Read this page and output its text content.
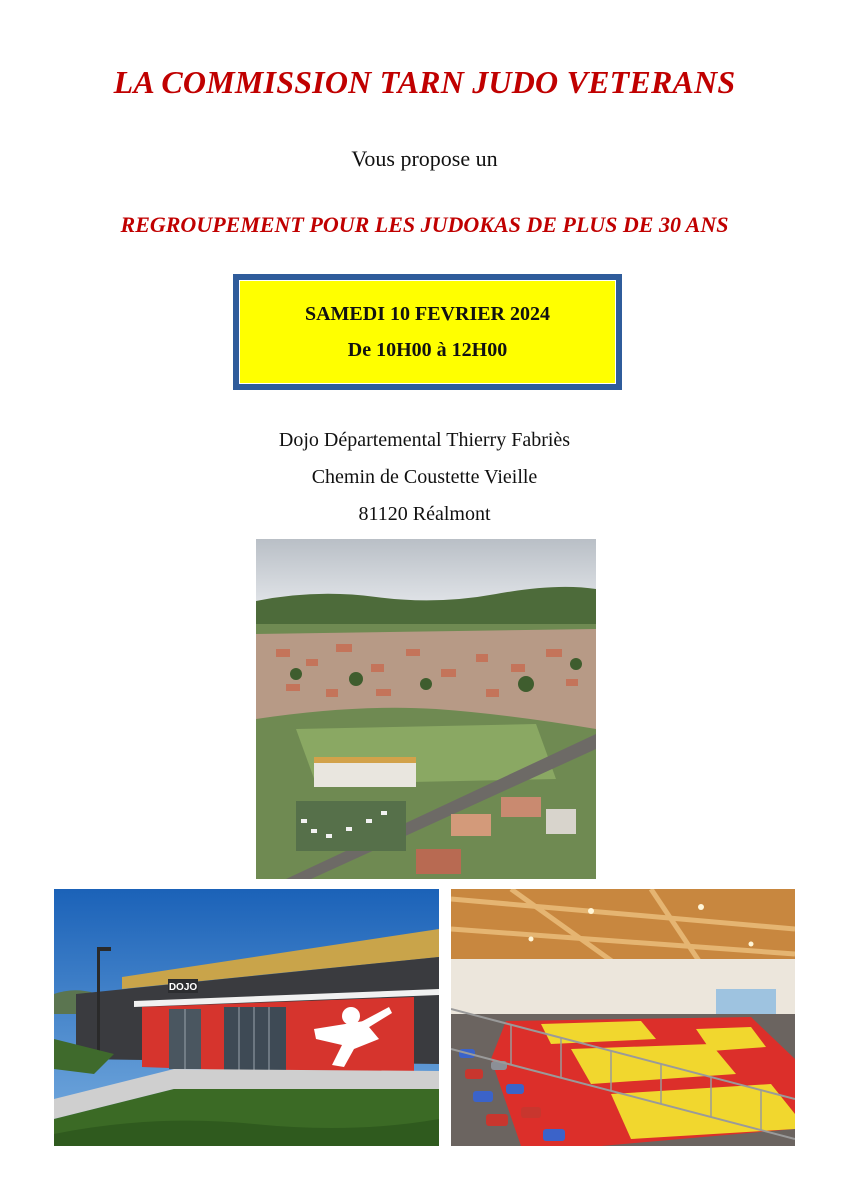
LA COMMISSION TARN JUDO VETERANS
Vous propose un
REGROUPEMENT POUR LES JUDOKAS DE PLUS DE 30 ANS
SAMEDI 10 FEVRIER 2024
De 10H00 à 12H00
Dojo Départemental Thierry Fabriès
Chemin de Coustette Vieille
81120 Réalmont
DOJO
